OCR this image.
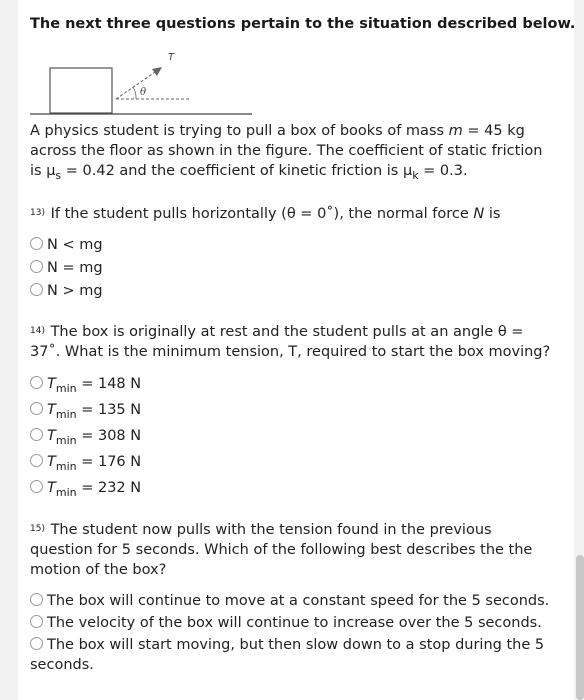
The next three questions pertain to the situation described below.
T
θ
A physics student is trying to pull a box of books of mass m = 45 kg across the floor as shown in the figure. The coefficient of static friction is $\mu_s = 0.42$ and the coefficient of kinetic friction is $\mu_k = 0.3$.
$^{13)}$ If the student pulls horizontally (θ = 0˚), the normal force N is
N < mg
N = mg
N > mg
$^{14)}$ The box is originally at rest and the student pulls at an angle θ = 37˚. What is the minimum tension, T, required to start the box moving?
$T_{min} = 148$ N
$T_{min} = 135$ N
$T_{min} = 308$ N
$T_{min} = 176$ N
$T_{min} = 232$ N
$^{15)}$ The student now pulls with the tension found in the previous question for 5 seconds. Which of the following best describes the the motion of the box?
The box will continue to move at a constant speed for the 5 seconds.
The velocity of the box will continue to increase over the 5 seconds.
The box will start moving, but then slow down to a stop during the 5 seconds.
